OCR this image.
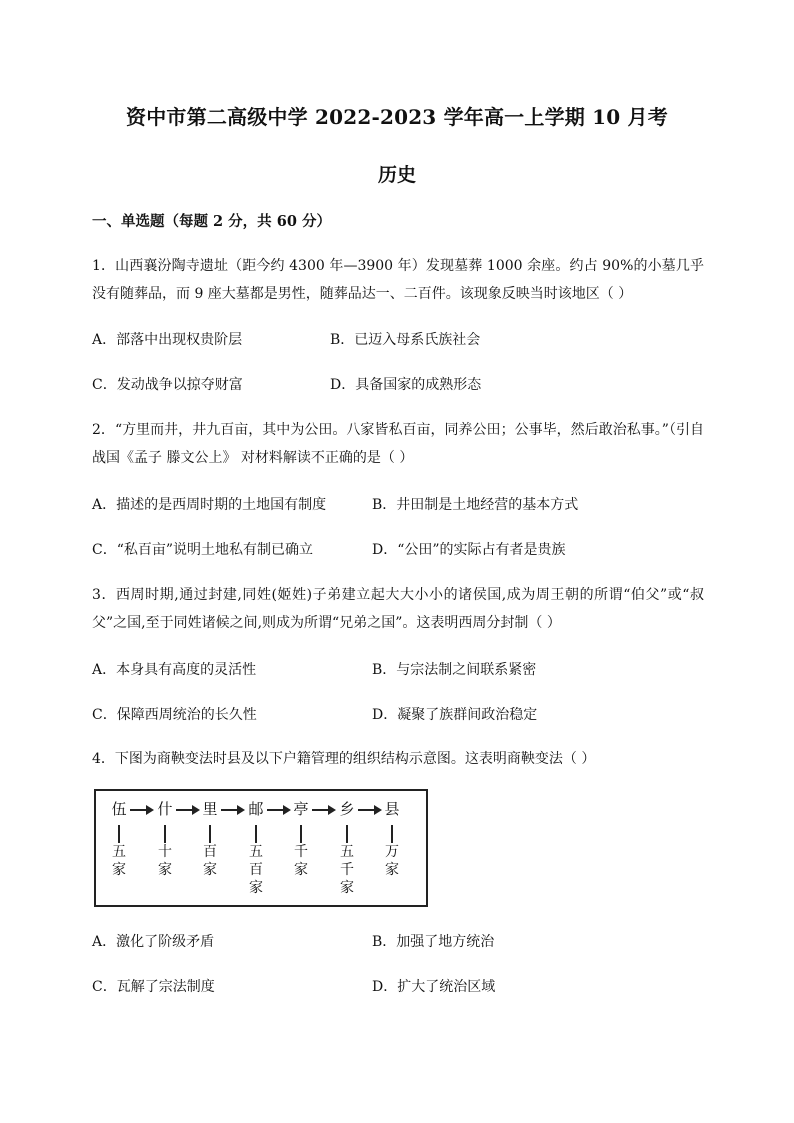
资中市第二高级中学 2022-2023 学年高一上学期 10 月考
历史
一、单选题（每题 2 分，共 60 分）
1．山西襄汾陶寺遗址（距今约 4300 年—3900 年）发现墓葬 1000 余座。约占 90%的小墓几乎没有随葬品，而 9 座大墓都是男性，随葬品达一、二百件。该现象反映当时该地区（ ）
A．部落中出现权贵阶层	B．已迈入母系氏族社会
C．发动战争以掠夺财富	D．具备国家的成熟形态
2．“方里而井，井九百亩，其中为公田。八家皆私百亩，同养公田；公事毕，然后敢治私事。”（引自战国《孟子 滕文公上》 对材料解读不正确的是（ ）
A．描述的是西周时期的土地国有制度	B．井田制是土地经营的基本方式
C．“私百亩”说明土地私有制已确立	D．“公田”的实际占有者是贵族
3．西周时期,通过封建,同姓(姬姓)子弟建立起大大小小的诸侯国,成为周王朝的所谓“伯父”或“叔父”之国,至于同姓诸候之间,则成为所谓“兄弟之国”。这表明西周分封制（ ）
A．本身具有高度的灵活性	B．与宗法制之间联系紧密
C．保障西周统治的长久性	D．凝聚了族群间政治稳定
4．下图为商鞅变法时县及以下户籍管理的组织结构示意图。这表明商鞅变法（ ）
伍
五
家
什
十
家
里
百
家
邮
五
百
家
亭
千
家
乡
五
千
家
县
万
家
A．激化了阶级矛盾	B．加强了地方统治
C．瓦解了宗法制度	D．扩大了统治区域
